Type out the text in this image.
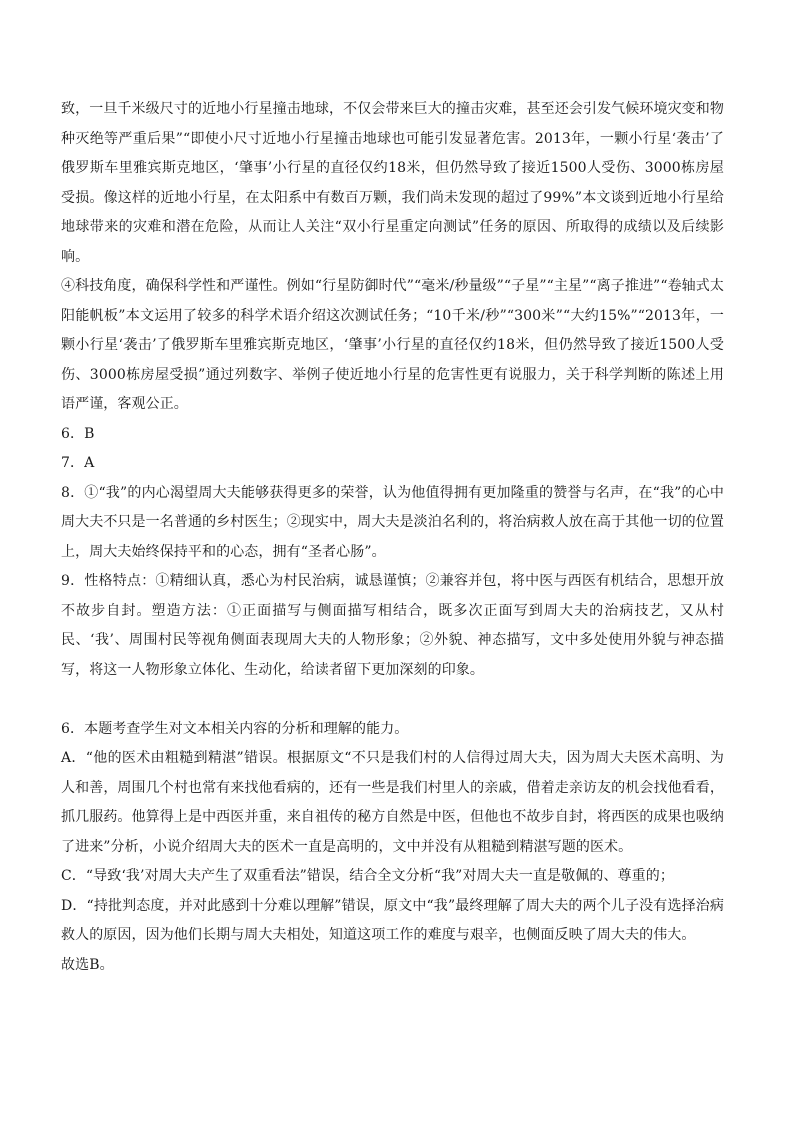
致，一旦千米级尺寸的近地小行星撞击地球，不仅会带来巨大的撞击灾难，甚至还会引发气候环境灾变和物种灭绝等严重后果”“即使小尺寸近地小行星撞击地球也可能引发显著危害。2013年，一颗小行星‘袭击’了俄罗斯车里雅宾斯克地区，‘肇事’小行星的直径仅约18米，但仍然导致了接近1500人受伤、3000栋房屋受损。像这样的近地小行星，在太阳系中有数百万颗，我们尚未发现的超过了99%”本文谈到近地小行星给地球带来的灾难和潜在危险，从而让人关注“双小行星重定向测试”任务的原因、所取得的成绩以及后续影响。

④科技角度，确保科学性和严谨性。例如“行星防御时代”“毫米/秒量级”“子星”“主星”“离子推进”“卷轴式太阳能帆板”本文运用了较多的科学术语介绍这次测试任务；“10千米/秒”“300米”“大约15%”“2013年，一颗小行星‘袭击’了俄罗斯车里雅宾斯克地区，‘肇事’小行星的直径仅约18米，但仍然导致了接近1500人受伤、3000栋房屋受损”通过列数字、举例子使近地小行星的危害性更有说服力，关于科学判断的陈述上用语严谨，客观公正。

6．B

7．A

8．①“我”的内心渴望周大夫能够获得更多的荣誉，认为他值得拥有更加隆重的赞誉与名声，在“我”的心中周大夫不只是一名普通的乡村医生；②现实中，周大夫是淡泊名利的，将治病救人放在高于其他一切的位置上，周大夫始终保持平和的心态，拥有“圣者心肠”。

9．性格特点：①精细认真，悉心为村民治病，诚恳谨慎；②兼容并包，将中医与西医有机结合，思想开放不故步自封。塑造方法：①正面描写与侧面描写相结合，既多次正面写到周大夫的治病技艺，又从村民、‘我’、周围村民等视角侧面表现周大夫的人物形象；②外貌、神态描写，文中多处使用外貌与神态描写，将这一人物形象立体化、生动化，给读者留下更加深刻的印象。

6．本题考查学生对文本相关内容的分析和理解的能力。

A．“他的医术由粗糙到精湛”错误。根据原文“不只是我们村的人信得过周大夫，因为周大夫医术高明、为人和善，周围几个村也常有来找他看病的，还有一些是我们村里人的亲戚，借着走亲访友的机会找他看看，抓几服药。他算得上是中西医并重，来自祖传的秘方自然是中医，但他也不故步自封，将西医的成果也吸纳了进来”分析，小说介绍周大夫的医术一直是高明的，文中并没有从粗糙到精湛写题的医术。

C．“导致‘我’对周大夫产生了双重看法”错误，结合全文分析“我”对周大夫一直是敬佩的、尊重的；

D．“持批判态度，并对此感到十分难以理解”错误，原文中“我”最终理解了周大夫的两个儿子没有选择治病救人的原因，因为他们长期与周大夫相处，知道这项工作的难度与艰辛，也侧面反映了周大夫的伟大。

故选B。
